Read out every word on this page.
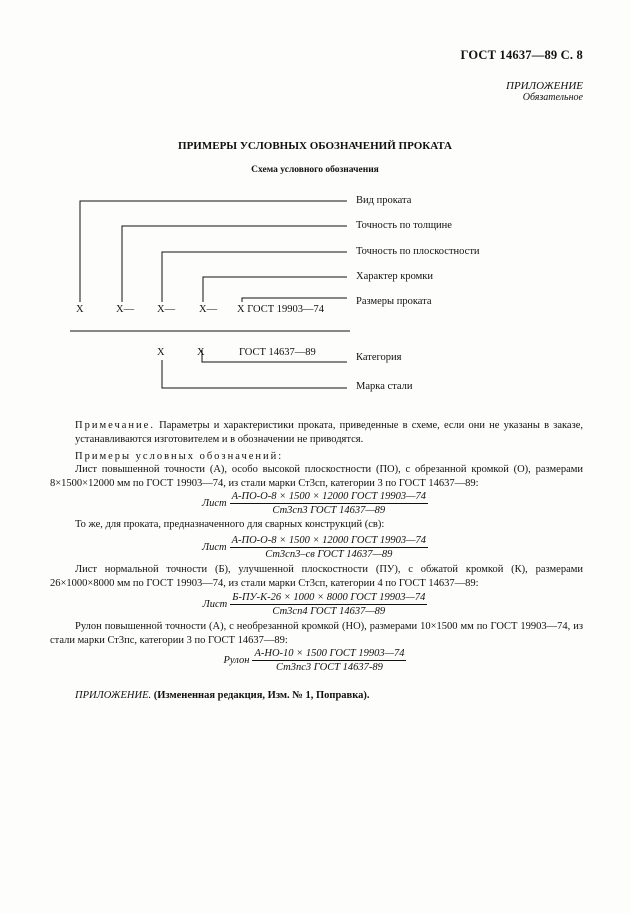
ГОСТ 14637—89 С. 8
ПРИЛОЖЕНИЕ
Обязательное
ПРИМЕРЫ УСЛОВНЫХ ОБОЗНАЧЕНИЙ ПРОКАТА
Схема условного обозначения
Вид проката
Точность по толщине
Точность по плоскостности
Характер кромки
Размеры проката
Категория
Марка стали
X	X— X— X— X ГОСТ 19903—74
X	X	ГОСТ 14637—89
Примечание. Параметры и характеристики проката, приведенные в схеме, если они не указаны в заказе, устанавливаются изготовителем и в обозначении не приводятся.
Примеры условных обозначений:
Лист повышенной точности (А), особо высокой плоскостности (ПО), с обрезанной кромкой (О), размерами 8×1500×12000 мм по ГОСТ 19903—74, из стали марки Ст3сп, категории 3 по ГОСТ 14637—89:
Лист $\frac{\text{А-ПО-О-8 × 1500 × 12000 ГОСТ 19903—74}}{\text{Ст3сп3 ГОСТ 14637—89}}$
То же, для проката, предназначенного для сварных конструкций (св):
Лист $\frac{\text{А-ПО-О-8 × 1500 × 12000 ГОСТ 19903—74}}{\text{Ст3сп3–св ГОСТ 14637—89}}$
Лист нормальной точности (Б), улучшенной плоскостности (ПУ), с обжатой кромкой (К), размерами 26×1000×8000 мм по ГОСТ 19903—74, из стали марки Ст3сп, категории 4 по ГОСТ 14637—89:
Лист $\frac{\text{Б-ПУ-К-26 × 1000 × 8000 ГОСТ 19903—74}}{\text{Ст3сп4 ГОСТ 14637—89}}$
Рулон повышенной точности (А), с необрезанной кромкой (НО), размерами 10×1500 мм по ГОСТ 19903—74, из стали марки Ст3пс, категории 3 по ГОСТ 14637—89:
Рулон $\frac{\text{А-НО-10 × 1500 ГОСТ 19903—74}}{\text{Ст3пс3 ГОСТ 14637-89}}$
ПРИЛОЖЕНИЕ. (Измененная редакция, Изм. № 1, Поправка).
